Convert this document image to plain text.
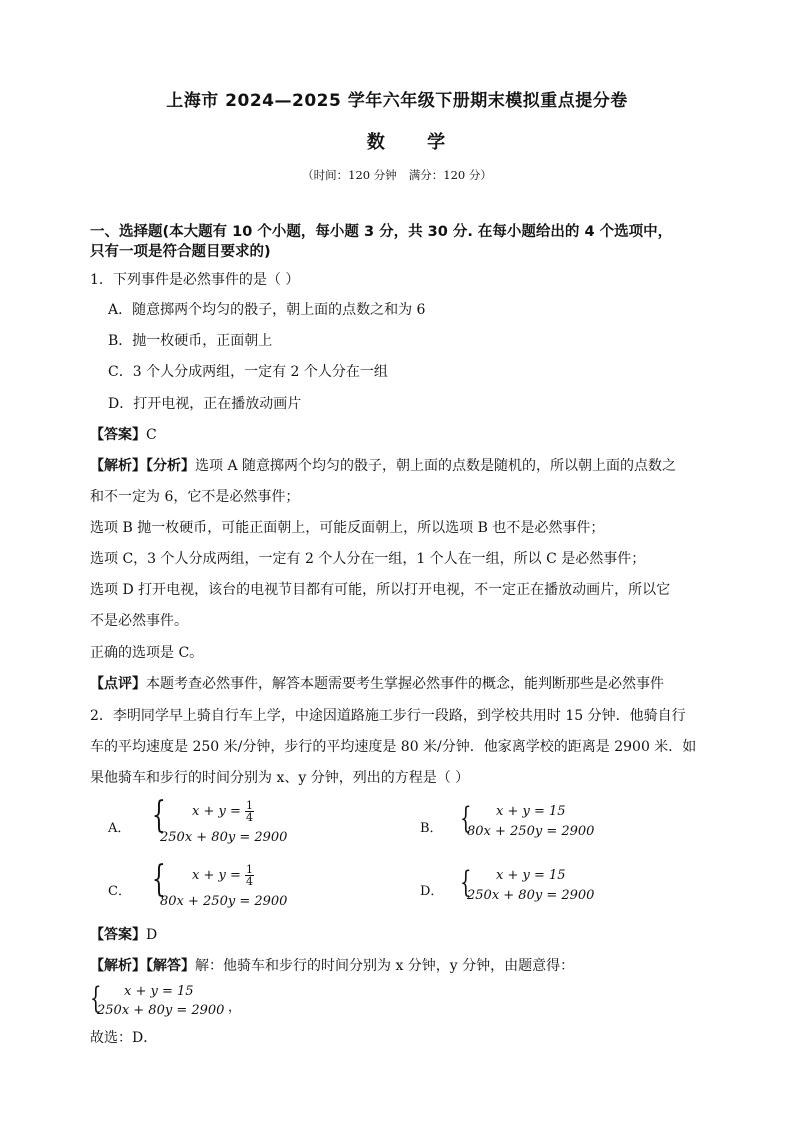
上海市 2024—2025 学年六年级下册期末模拟重点提分卷
数 学
（时间：120 分钟 满分：120 分）
一、选择题(本大题有 10 个小题，每小题 3 分，共 30 分. 在每小题给出的 4 个选项中，
只有一项是符合题目要求的)
1．下列事件是必然事件的是（ ）
A．随意掷两个均匀的骰子，朝上面的点数之和为 6
B．抛一枚硬币，正面朝上
C．3 个人分成两组，一定有 2 个人分在一组
D．打开电视，正在播放动画片
【答案】C
【解析】【分析】选项 A 随意掷两个均匀的骰子，朝上面的点数是随机的，所以朝上面的点数之
和不一定为 6，它不是必然事件；
选项 B 抛一枚硬币，可能正面朝上，可能反面朝上，所以选项 B 也不是必然事件；
选项 C，3 个人分成两组，一定有 2 个人分在一组，1 个人在一组，所以 C 是必然事件；
选项 D 打开电视，该台的电视节目都有可能，所以打开电视，不一定正在播放动画片，所以它
不是必然事件。
正确的选项是 C。
【点评】本题考查必然事件，解答本题需要考生掌握必然事件的概念，能判断那些是必然事件
2．李明同学早上骑自行车上学，中途因道路施工步行一段路，到学校共用时 15 分钟．他骑自行
车的平均速度是 250 米/分钟，步行的平均速度是 80 米/分钟．他家离学校的距离是 2900 米．如
果他骑车和步行的时间分别为 x、y 分钟，列出的方程是（ ）
A． { $x + y = \frac{1}{4}$
250x + 80y = 2900
B． { x + y = 15
80x + 250y = 2900
C． { $x + y = \frac{1}{4}$
80x + 250y = 2900
D． { x + y = 15
250x + 80y = 2900
【答案】D
【解析】【解答】解：他骑车和步行的时间分别为 x 分钟，y 分钟，由题意得：
{ x + y = 15
250x + 80y = 2900 ，
故选：D．
